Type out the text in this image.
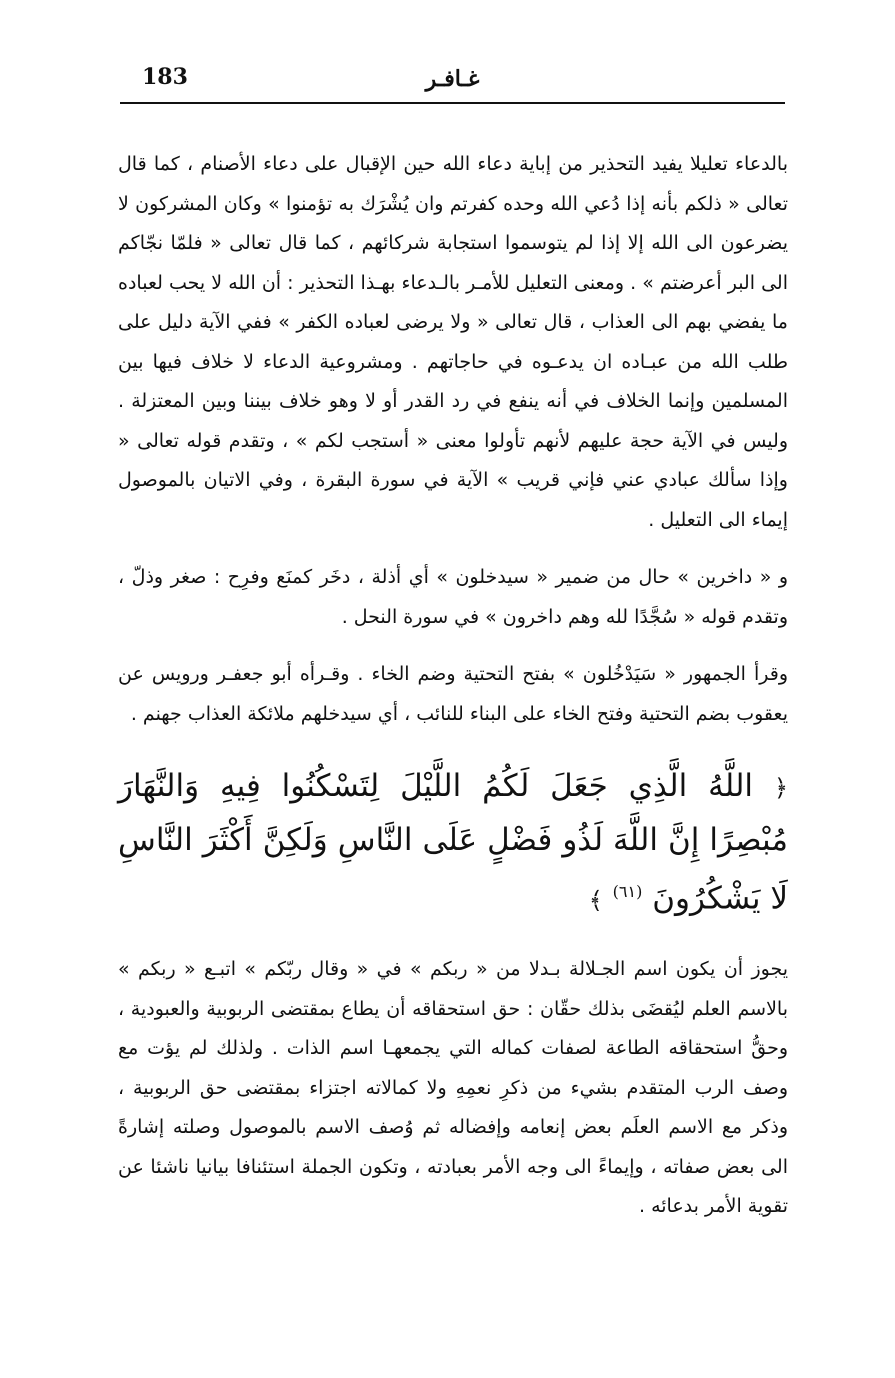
183	غـافـر

بالدعاء تعليلا يفيد التحذير من إباية دعاء الله حين الإقبال على دعاء الأصنام ، كما قال تعالى « ذلكم بأنه إذا دُعي الله وحده كفرتم وان يُشْرَك به تؤمنوا » وكان المشركون لا يضرعون الى الله إلا إذا لم يتوسموا استجابة شركائهم ، كما قال تعالى « فلمّا نجّاكم الى البر أعرضتم » . ومعنى التعليل للأمـر بالـدعاء بهـذا التحذير : أن الله لا يحب لعباده ما يفضي بهم الى العذاب ، قال تعالى « ولا يرضى لعباده الكفر » ففي الآية دليل على طلب الله من عبـاده ان يدعـوه في حاجاتهم . ومشروعية الدعاء لا خلاف فيها بين المسلمين وإنما الخلاف في أنه ينفع في رد القدر أو لا وهو خلاف بيننا وبين المعتزلة . وليس في الآية حجة عليهم لأنهم تأولوا معنى « أستجب لكم » ، وتقدم قوله تعالى « وإذا سألك عبادي عني فإني قريب » الآية في سورة البقرة ، وفي الاتيان بالموصول إيماء الى التعليل .

و « داخرين » حال من ضمير « سيدخلون » أي أذلة ، دخَر كمنَع وفرِح : صغر وذلّ ، وتقدم قوله « سُجَّدًا لله وهم داخرون » في سورة النحل .

وقرأ الجمهور « سَيَدْخُلون » بفتح التحتية وضم الخاء . وقـرأه أبو جعفـر ورويس عن يعقوب بضم التحتية وفتح الخاء على البناء للنائب ، أي سيدخلهم ملائكة العذاب جهنم .

﴿ اللَّهُ الَّذِي جَعَلَ لَكُمُ اللَّيْلَ لِتَسْكُنُوا فِيهِ وَالنَّهَارَ مُبْصِرًا إِنَّ اللَّهَ لَذُو فَضْلٍ عَلَى النَّاسِ وَلَكِنَّ أَكْثَرَ النَّاسِ لَا يَشْكُرُونَ $^{(٦١)}$ ﴾

يجوز أن يكون اسم الجـلالة بـدلا من « ربكم » في « وقال ربّكم » اتبـع « ربكم » بالاسم العلم ليُقضَى بذلك حقّان : حق استحقاقه أن يطاع بمقتضى الربوبية والعبودية ، وحقُّ استحقاقه الطاعة لصفات كماله التي يجمعهـا اسم الذات . ولذلك لم يؤت مع وصف الرب المتقدم بشيء من ذكرِ نعمِهِ ولا كمالاته اجتزاء بمقتضى حق الربوبية ، وذكر مع الاسم العلَم بعض إنعامه وإفضاله ثم وُصف الاسم بالموصول وصلته إشارةً الى بعض صفاته ، وإيماءً الى وجه الأمر بعبادته ، وتكون الجملة استئنافا بيانيا ناشئا عن تقوية الأمر بدعائه .
